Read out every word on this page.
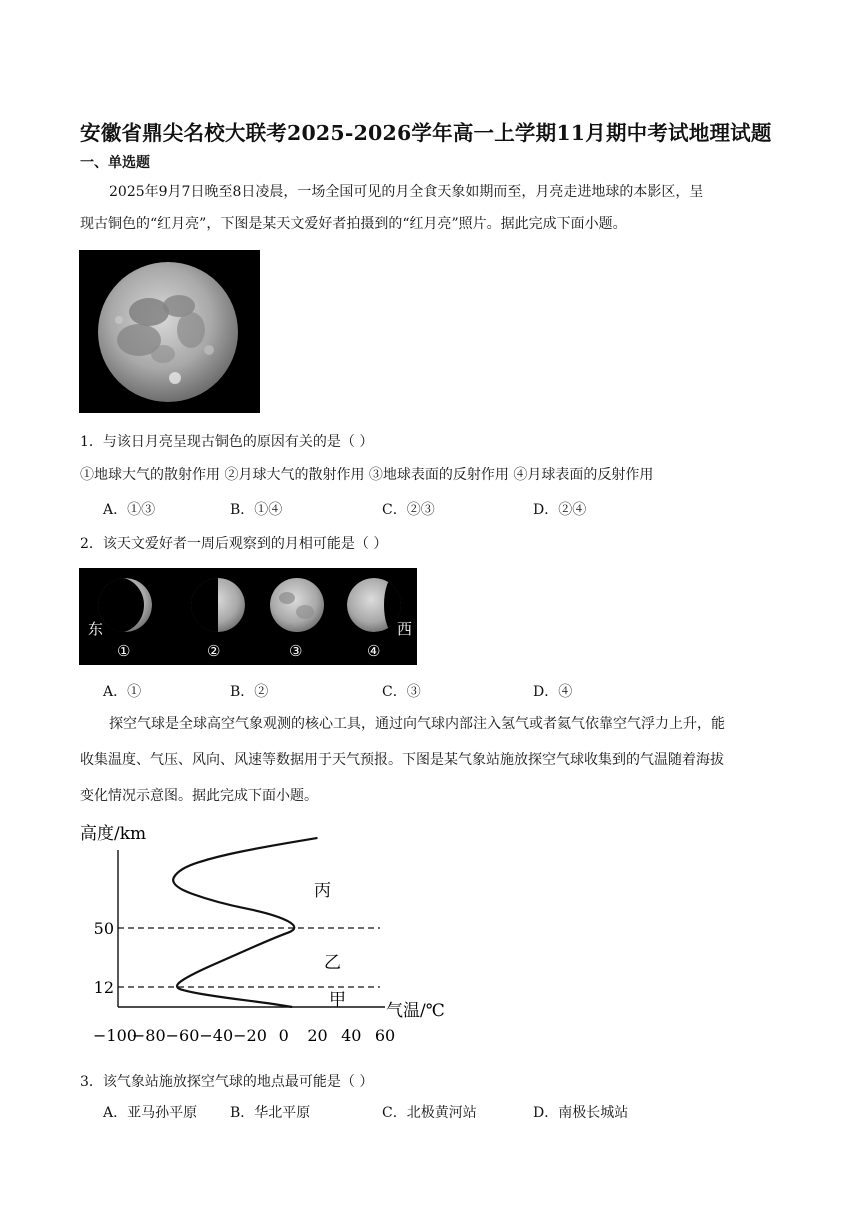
安徽省鼎尖名校大联考2025-2026学年高一上学期11月期中考试地理试题
一、单选题
2025年9月7日晚至8日凌晨，一场全国可见的月全食天象如期而至，月亮走进地球的本影区，呈
现古铜色的“红月亮”，下图是某天文爱好者拍摄到的“红月亮”照片。据此完成下面小题。
1．与该日月亮呈现古铜色的原因有关的是（ ）
①地球大气的散射作用 ②月球大气的散射作用 ③地球表面的反射作用 ④月球表面的反射作用
A．①③	B．①④	C．②③	D．②④
2．该天文爱好者一周后观察到的月相可能是（ ）
东	西
①	②	③	④
A．①	B．②	C．③	D．④
探空气球是全球高空气象观测的核心工具，通过向气球内部注入氢气或者氦气依靠空气浮力上升，能
收集温度、气压、风向、风速等数据用于天气预报。下图是某气象站施放探空气球收集到的气温随着海拔
变化情况示意图。据此完成下面小题。
−100
−80 −60 −40 −20 0 20 40 60
12
50
高度/km
气温/℃
丙
乙
甲
3．该气象站施放探空气球的地点最可能是（ ）
A．亚马孙平原 B．华北平原	C．北极黄河站	D．南极长城站
